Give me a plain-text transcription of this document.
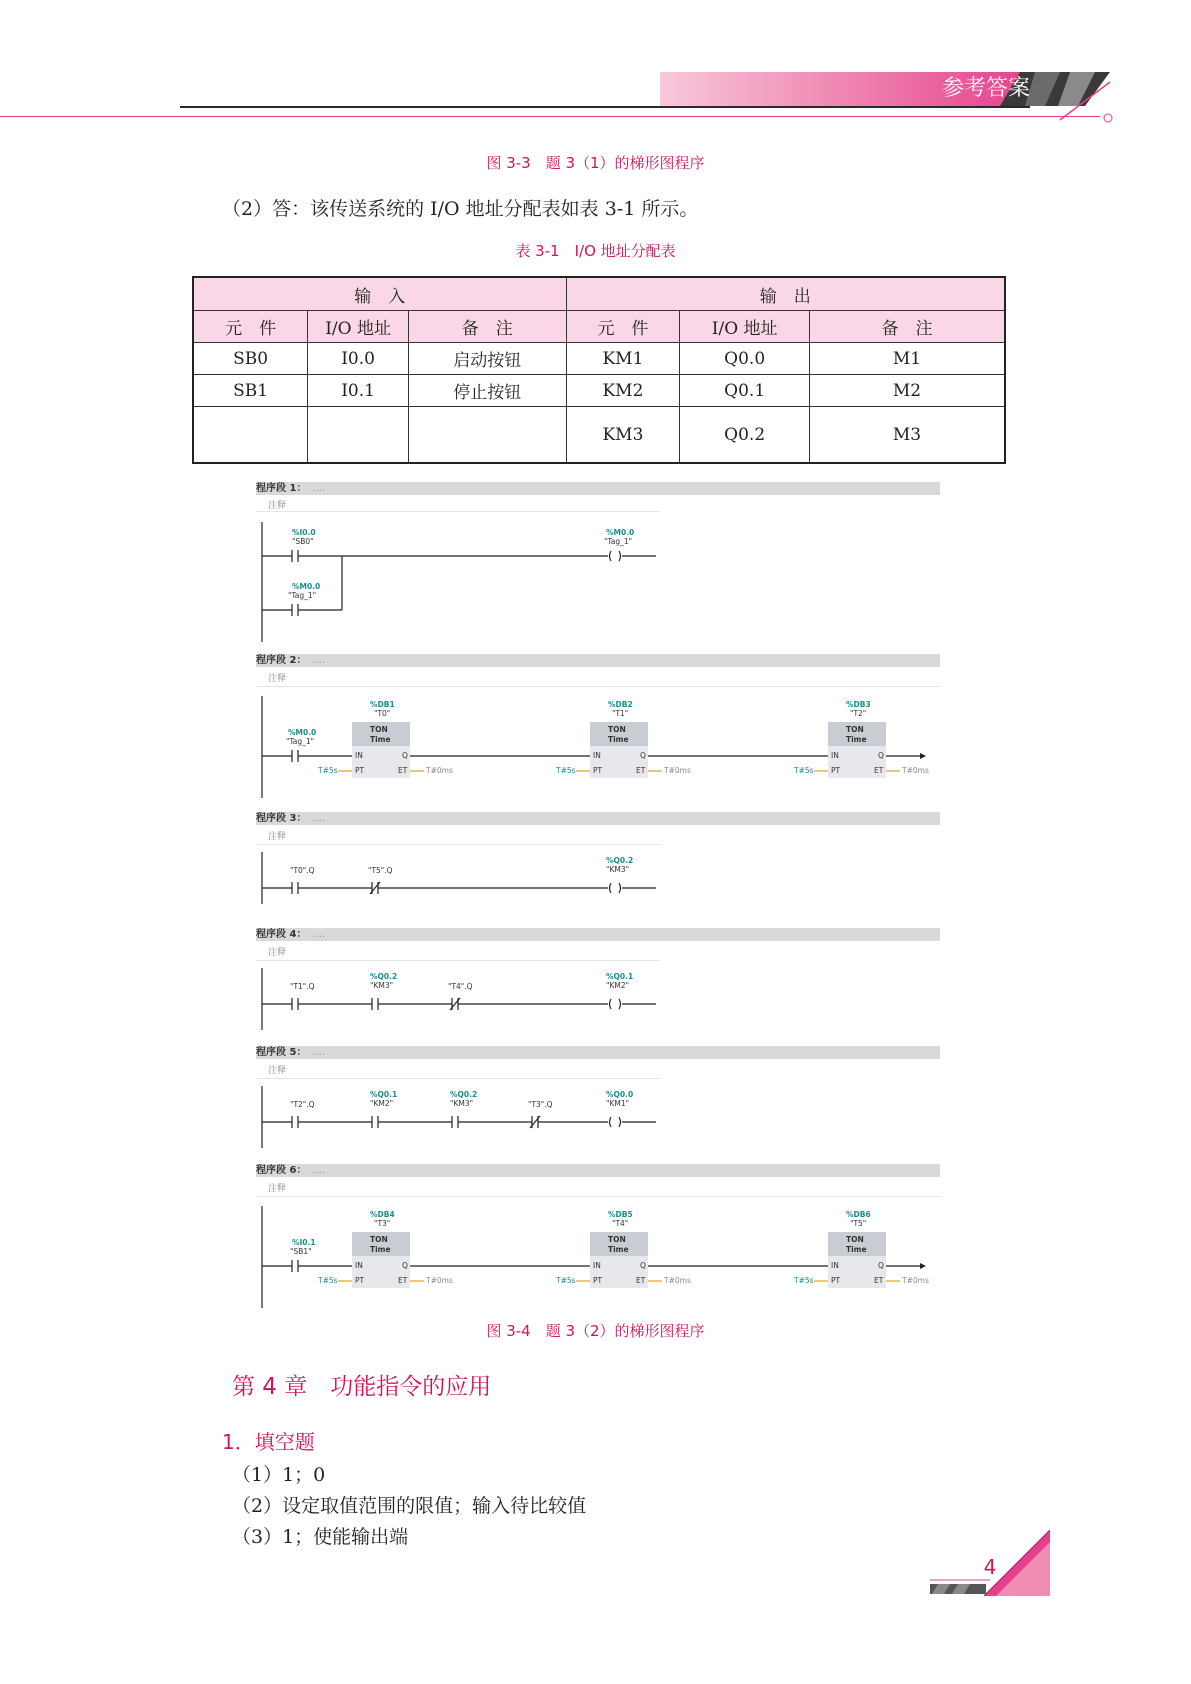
参考答案
图 3-3　题 3（1）的梯形图程序
（2）答：该传送系统的 I/O 地址分配表如表 3-1 所示。
表 3-1　I/O 地址分配表
输　入			输　出		
元　件	I/O 地址	备　注	元　件	I/O 地址	备　注
SB0	I0.0	启动按钮	KM1	Q0.0	M1
SB1	I0.1	停止按钮	KM2	Q0.1	M2
			KM3	Q0.2	M3
程序段 1： ....
注释
%I0.0
"SB0"
%M0.0
"Tag_1"
%M0.0
"Tag_1"
程序段 2： ....
注释
%M0.0
"Tag_1"
%DB1
"T0"
TON
Time
IN	Q
PT	ET
T#5s	T#0ms
%DB2
"T1"
TON
Time
IN	Q
PT	ET
T#5s	T#0ms
%DB3
"T2"
TON
Time
IN	Q
PT	ET
T#5s	T#0ms
程序段 3： ....
注释
"T0".Q	"T5".Q
%Q0.2
"KM3"
程序段 4： ....
注释
"T1".Q
%Q0.2
"KM3"	"T4".Q
%Q0.1
"KM2"
程序段 5： ....
注释
"T2".Q
%Q0.1
"KM2"
%Q0.2
"KM3"	"T3".Q
%Q0.0
"KM1"
程序段 6： ....
注释
%I0.1
"SB1"
%DB4
"T3"
TON
Time
IN	Q
PT	ET
T#5s	T#0ms
%DB5
"T4"
TON
Time
IN	Q
PT	ET
T#5s	T#0ms
%DB6
"T5"
TON
Time
IN	Q
PT	ET
T#5s	T#0ms
图 3-4　题 3（2）的梯形图程序
第 4 章　功能指令的应用
1．填空题
（1）1；0
（2）设定取值范围的限值；输入待比较值
（3）1；使能输出端
4
